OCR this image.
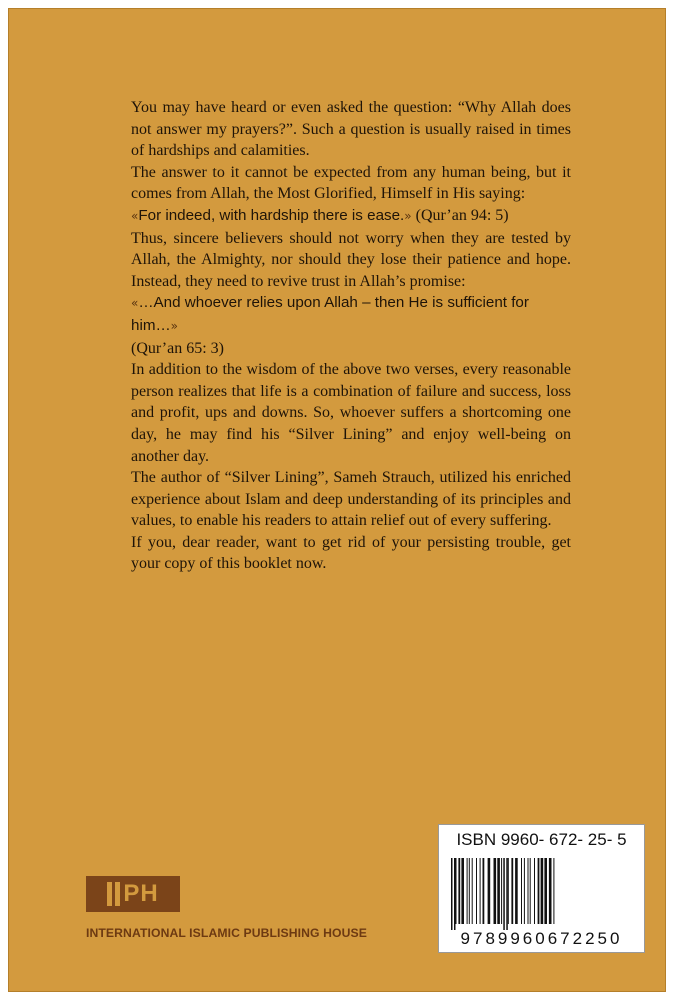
You may have heard or even asked the question: “Why Allah does not answer my prayers?”. Such a question is usually raised in times of hardships and calamities.

The answer to it cannot be expected from any human being, but it comes from Allah, the Most Glorified, Himself in His saying:

«For indeed, with hardship there is ease.» (Qur’an 94: 5)

Thus, sincere believers should not worry when they are tested by Allah, the Almighty, nor should they lose their patience and hope. Instead, they need to revive trust in Allah’s promise:

«…And whoever relies upon Allah – then He is sufficient for him…»

(Qur’an 65: 3)

In addition to the wisdom of the above two verses, every reasonable person realizes that life is a combination of failure and success, loss and profit, ups and downs. So, whoever suffers a shortcoming one day, he may find his “Silver Lining” and enjoy well-being on another day.

The author of “Silver Lining”, Sameh Strauch, utilized his enriched experience about Islam and deep understanding of its principles and values, to enable his readers to attain relief out of every suffering.

If you, dear reader, want to get rid of your persisting trouble, get your copy of this booklet now.

PH
INTERNATIONAL ISLAMIC PUBLISHING HOUSE
ISBN 9960- 672- 25- 5
9789960672250
